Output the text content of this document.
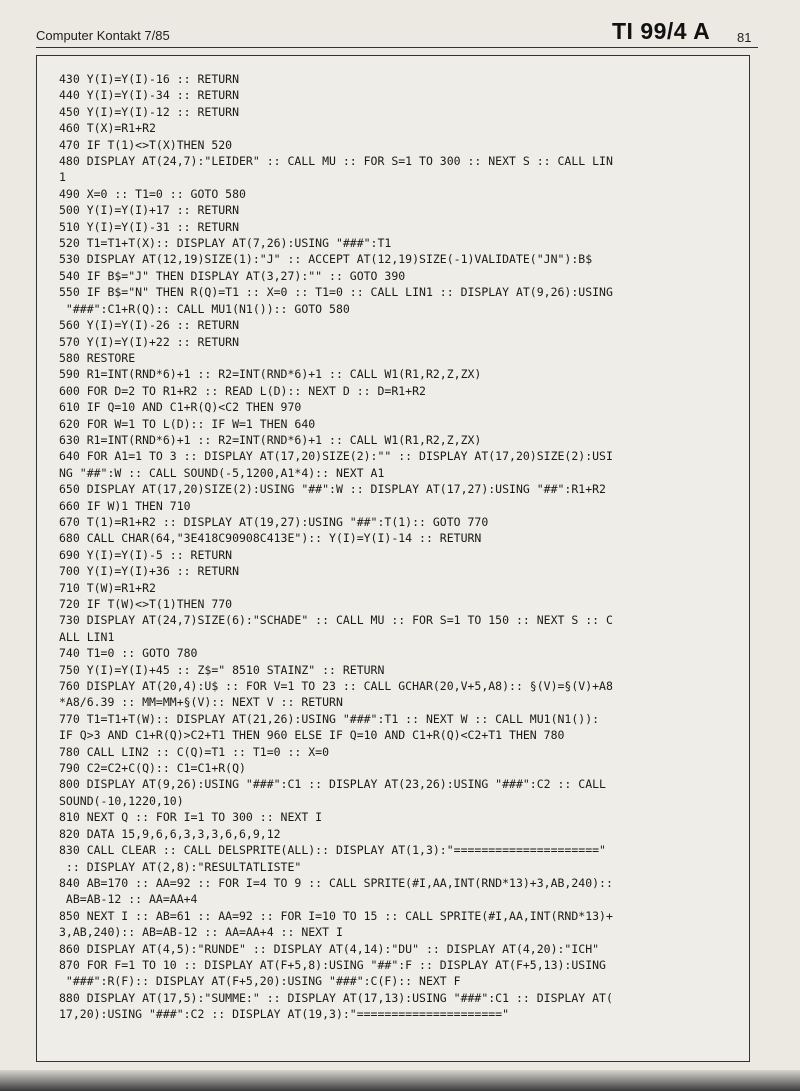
Computer Kontakt 7/85	TI 99/4 A 81
430 Y(I)=Y(I)-16 :: RETURN
440 Y(I)=Y(I)-34 :: RETURN
450 Y(I)=Y(I)-12 :: RETURN
460 T(X)=R1+R2
470 IF T(1)<>T(X)THEN 520
480 DISPLAY AT(24,7):"LEIDER" :: CALL MU :: FOR S=1 TO 300 :: NEXT S :: CALL LIN
1
490 X=0 :: T1=0 :: GOTO 580
500 Y(I)=Y(I)+17 :: RETURN
510 Y(I)=Y(I)-31 :: RETURN
520 T1=T1+T(X):: DISPLAY AT(7,26):USING "###":T1
530 DISPLAY AT(12,19)SIZE(1):"J" :: ACCEPT AT(12,19)SIZE(-1)VALIDATE("JN"):B$
540 IF B$="J" THEN DISPLAY AT(3,27):"" :: GOTO 390
550 IF B$="N" THEN R(Q)=T1 :: X=0 :: T1=0 :: CALL LIN1 :: DISPLAY AT(9,26):USING
"###":C1+R(Q):: CALL MU1(N1()):: GOTO 580
560 Y(I)=Y(I)-26 :: RETURN
570 Y(I)=Y(I)+22 :: RETURN
580 RESTORE
590 R1=INT(RND*6)+1 :: R2=INT(RND*6)+1 :: CALL W1(R1,R2,Z,ZX)
600 FOR D=2 TO R1+R2 :: READ L(D):: NEXT D :: D=R1+R2
610 IF Q=10 AND C1+R(Q)<C2 THEN 970
620 FOR W=1 TO L(D):: IF W=1 THEN 640
630 R1=INT(RND*6)+1 :: R2=INT(RND*6)+1 :: CALL W1(R1,R2,Z,ZX)
640 FOR A1=1 TO 3 :: DISPLAY AT(17,20)SIZE(2):"" :: DISPLAY AT(17,20)SIZE(2):USI
NG "##":W :: CALL SOUND(-5,1200,A1*4):: NEXT A1
650 DISPLAY AT(17,20)SIZE(2):USING "##":W :: DISPLAY AT(17,27):USING "##":R1+R2
660 IF W)1 THEN 710
670 T(1)=R1+R2 :: DISPLAY AT(19,27):USING "##":T(1):: GOTO 770
680 CALL CHAR(64,"3E418C90908C413E"):: Y(I)=Y(I)-14 :: RETURN
690 Y(I)=Y(I)-5 :: RETURN
700 Y(I)=Y(I)+36 :: RETURN
710 T(W)=R1+R2
720 IF T(W)<>T(1)THEN 770
730 DISPLAY AT(24,7)SIZE(6):"SCHADE" :: CALL MU :: FOR S=1 TO 150 :: NEXT S :: C
ALL LIN1
740 T1=0 :: GOTO 780
750 Y(I)=Y(I)+45 :: Z$=" 8510 STAINZ" :: RETURN
760 DISPLAY AT(20,4):U$ :: FOR V=1 TO 23 :: CALL GCHAR(20,V+5,A8):: §(V)=§(V)+A8
*A8/6.39 :: MM=MM+§(V):: NEXT V :: RETURN
770 T1=T1+T(W):: DISPLAY AT(21,26):USING "###":T1 :: NEXT W :: CALL MU1(N1()):
IF Q>3 AND C1+R(Q)>C2+T1 THEN 960 ELSE IF Q=10 AND C1+R(Q)<C2+T1 THEN 780
780 CALL LIN2 :: C(Q)=T1 :: T1=0 :: X=0
790 C2=C2+C(Q):: C1=C1+R(Q)
800 DISPLAY AT(9,26):USING "###":C1 :: DISPLAY AT(23,26):USING "###":C2 :: CALL
SOUND(-10,1220,10)
810 NEXT Q :: FOR I=1 TO 300 :: NEXT I
820 DATA 15,9,6,6,3,3,3,6,6,9,12
830 CALL CLEAR :: CALL DELSPRITE(ALL):: DISPLAY AT(1,3):"====================="
:: DISPLAY AT(2,8):"RESULTATLISTE"
840 AB=170 :: AA=92 :: FOR I=4 TO 9 :: CALL SPRITE(#I,AA,INT(RND*13)+3,AB,240)::
AB=AB-12 :: AA=AA+4
850 NEXT I :: AB=61 :: AA=92 :: FOR I=10 TO 15 :: CALL SPRITE(#I,AA,INT(RND*13)+
3,AB,240):: AB=AB-12 :: AA=AA+4 :: NEXT I
860 DISPLAY AT(4,5):"RUNDE" :: DISPLAY AT(4,14):"DU" :: DISPLAY AT(4,20):"ICH"
870 FOR F=1 TO 10 :: DISPLAY AT(F+5,8):USING "##":F :: DISPLAY AT(F+5,13):USING
"###":R(F):: DISPLAY AT(F+5,20):USING "###":C(F):: NEXT F
880 DISPLAY AT(17,5):"SUMME:" :: DISPLAY AT(17,13):USING "###":C1 :: DISPLAY AT(
17,20):USING "###":C2 :: DISPLAY AT(19,3):"====================="
